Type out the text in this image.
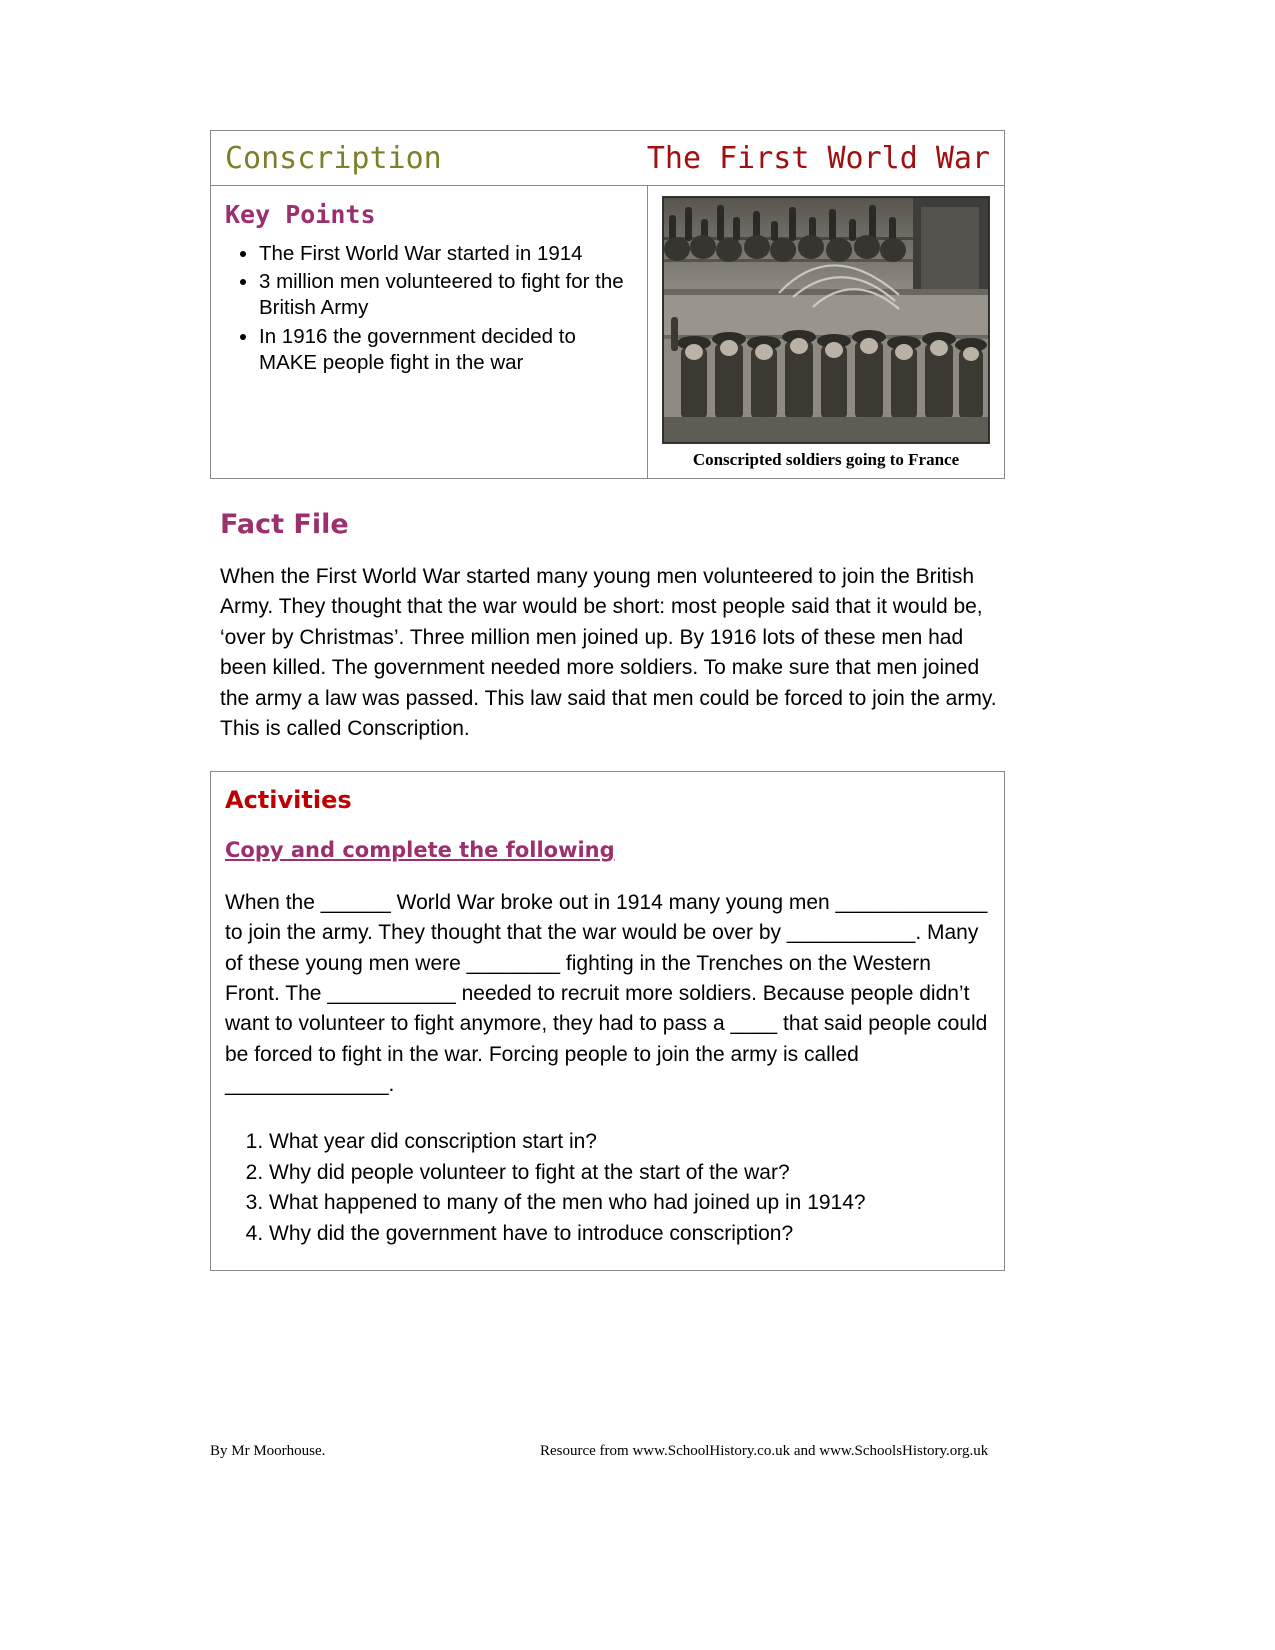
Conscription	The First World War
Key Points
• The First World War started in 1914
• 3 million men volunteered to fight for the British Army
• In 1916 the government decided to MAKE people fight in the war
Conscripted soldiers going to France
Fact File

When the First World War started many young men volunteered to join the British Army. They thought that the war would be short: most people said that it would be, ‘over by Christmas’. Three million men joined up. By 1916 lots of these men had been killed. The government needed more soldiers. To make sure that men joined the army a law was passed. This law said that men could be forced to join the army. This is called Conscription.

Activities
Copy and complete the following

When the ______ World War broke out in 1914 many young men _____________ to join the army. They thought that the war would be over by ___________. Many of these young men were ________ fighting in the Trenches on the Western Front. The ___________ needed to recruit more soldiers. Because people didn’t want to volunteer to fight anymore, they had to pass a ____ that said people could be forced to fight in the war. Forcing people to join the army is called ______________.

1. What year did conscription start in?
2. Why did people volunteer to fight at the start of the war?
3. What happened to many of the men who had joined up in 1914?
4. Why did the government have to introduce conscription?
By Mr Moorhouse.	Resource from www.SchoolHistory.co.uk and www.SchoolsHistory.org.uk
